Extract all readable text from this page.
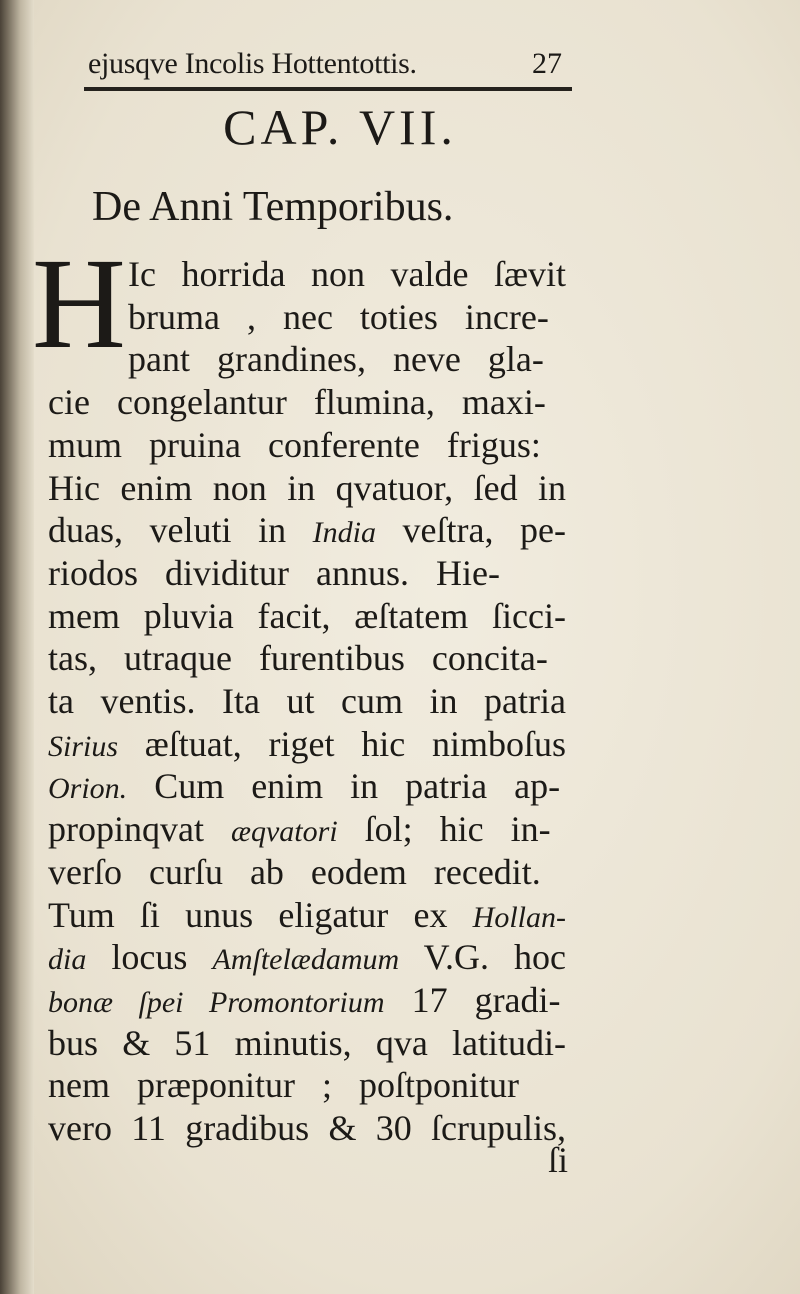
ejusqve Incolis Hottentottis.	27
CAP. VII.
De Anni Temporibus.
H Ic horrida non valde ſævit
bruma , nec toties incre-
pant grandines, neve gla-
cie congelantur flumina, maxi-
mum pruina conferente frigus:
Hic enim non in qvatuor, ſed in
duas, veluti in India veſtra, pe-
riodos dividitur annus. Hie-
mem pluvia facit, æſtatem ſicci-
tas, utraque furentibus concita-
ta ventis. Ita ut cum in patria
Sirius æſtuat, riget hic nimboſus
Orion. Cum enim in patria ap-
propinqvat æqvatori ſol; hic in-
verſo curſu ab eodem recedit.
Tum ſi unus eligatur ex Hollan-
dia locus Amſtelædamum V.G. hoc
bonæ ſpei Promontorium 17 gradi-
bus & 51 minutis, qva latitudi-
nem præponitur ; poſtponitur
vero 11 gradibus & 30 ſcrupulis,
ſi
